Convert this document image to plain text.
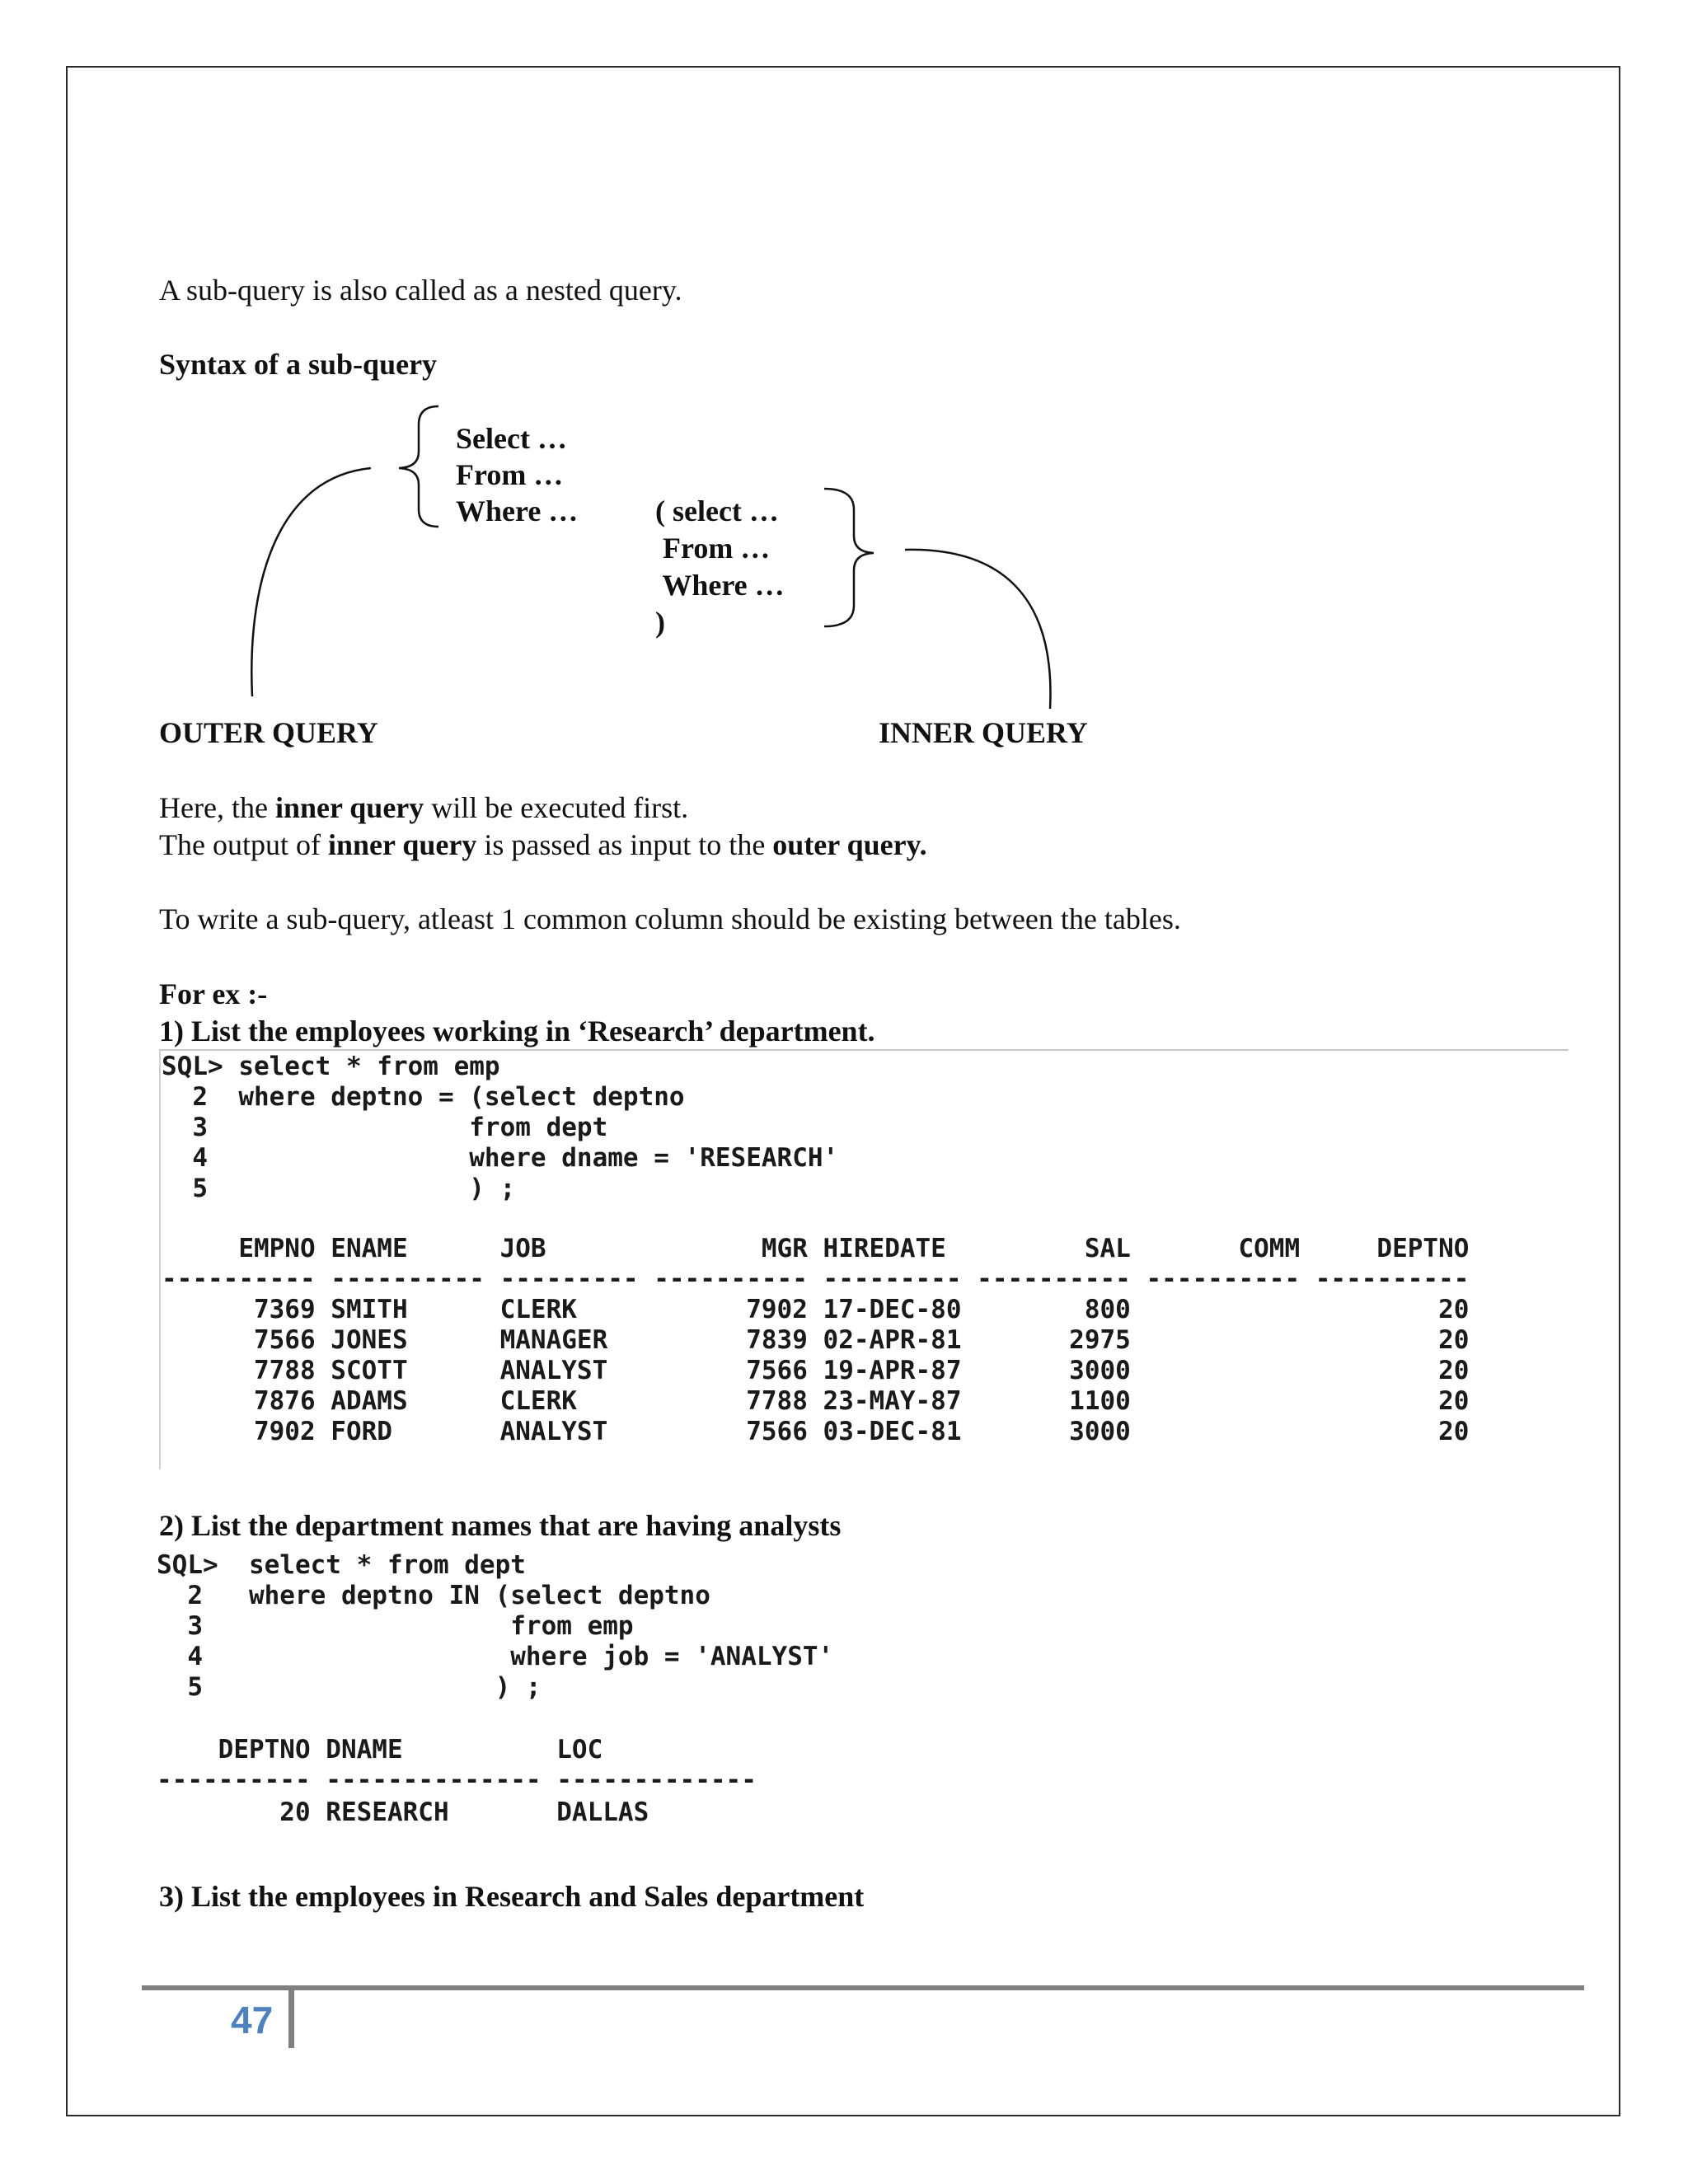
A sub-query is also called as a nested query.
Syntax of a sub-query
Select …
From …
Where …	( select …
From …
Where …
)
OUTER QUERY	INNER QUERY
Here, the inner query will be executed first.
The output of inner query is passed as input to the outer query.
To write a sub-query, atleast 1 common column should be existing between the tables.
For ex :-
1) List the employees working in ‘Research’ department.
SQL> select * from emp
2  where deptno = (select deptno
3                 from dept
4                 where dname = 'RESEARCH'
5                 ) ;
EMPNO ENAME      JOB              MGR HIREDATE         SAL       COMM     DEPTNO
---------- ---------- --------- ---------- --------- ---------- ---------- ----------
7369 SMITH      CLERK           7902 17-DEC-80        800                    20
7566 JONES      MANAGER         7839 02-APR-81       2975                    20
7788 SCOTT      ANALYST         7566 19-APR-87       3000                    20
7876 ADAMS      CLERK           7788 23-MAY-87       1100                    20
7902 FORD       ANALYST         7566 03-DEC-81       3000                    20
2) List the department names that are having analysts
SQL>  select * from dept
2   where deptno IN (select deptno
3                    from emp
4                    where job = 'ANALYST'
5                   ) ;
DEPTNO DNAME          LOC
---------- -------------- -------------
20 RESEARCH       DALLAS
3) List the employees in Research and Sales department
47
